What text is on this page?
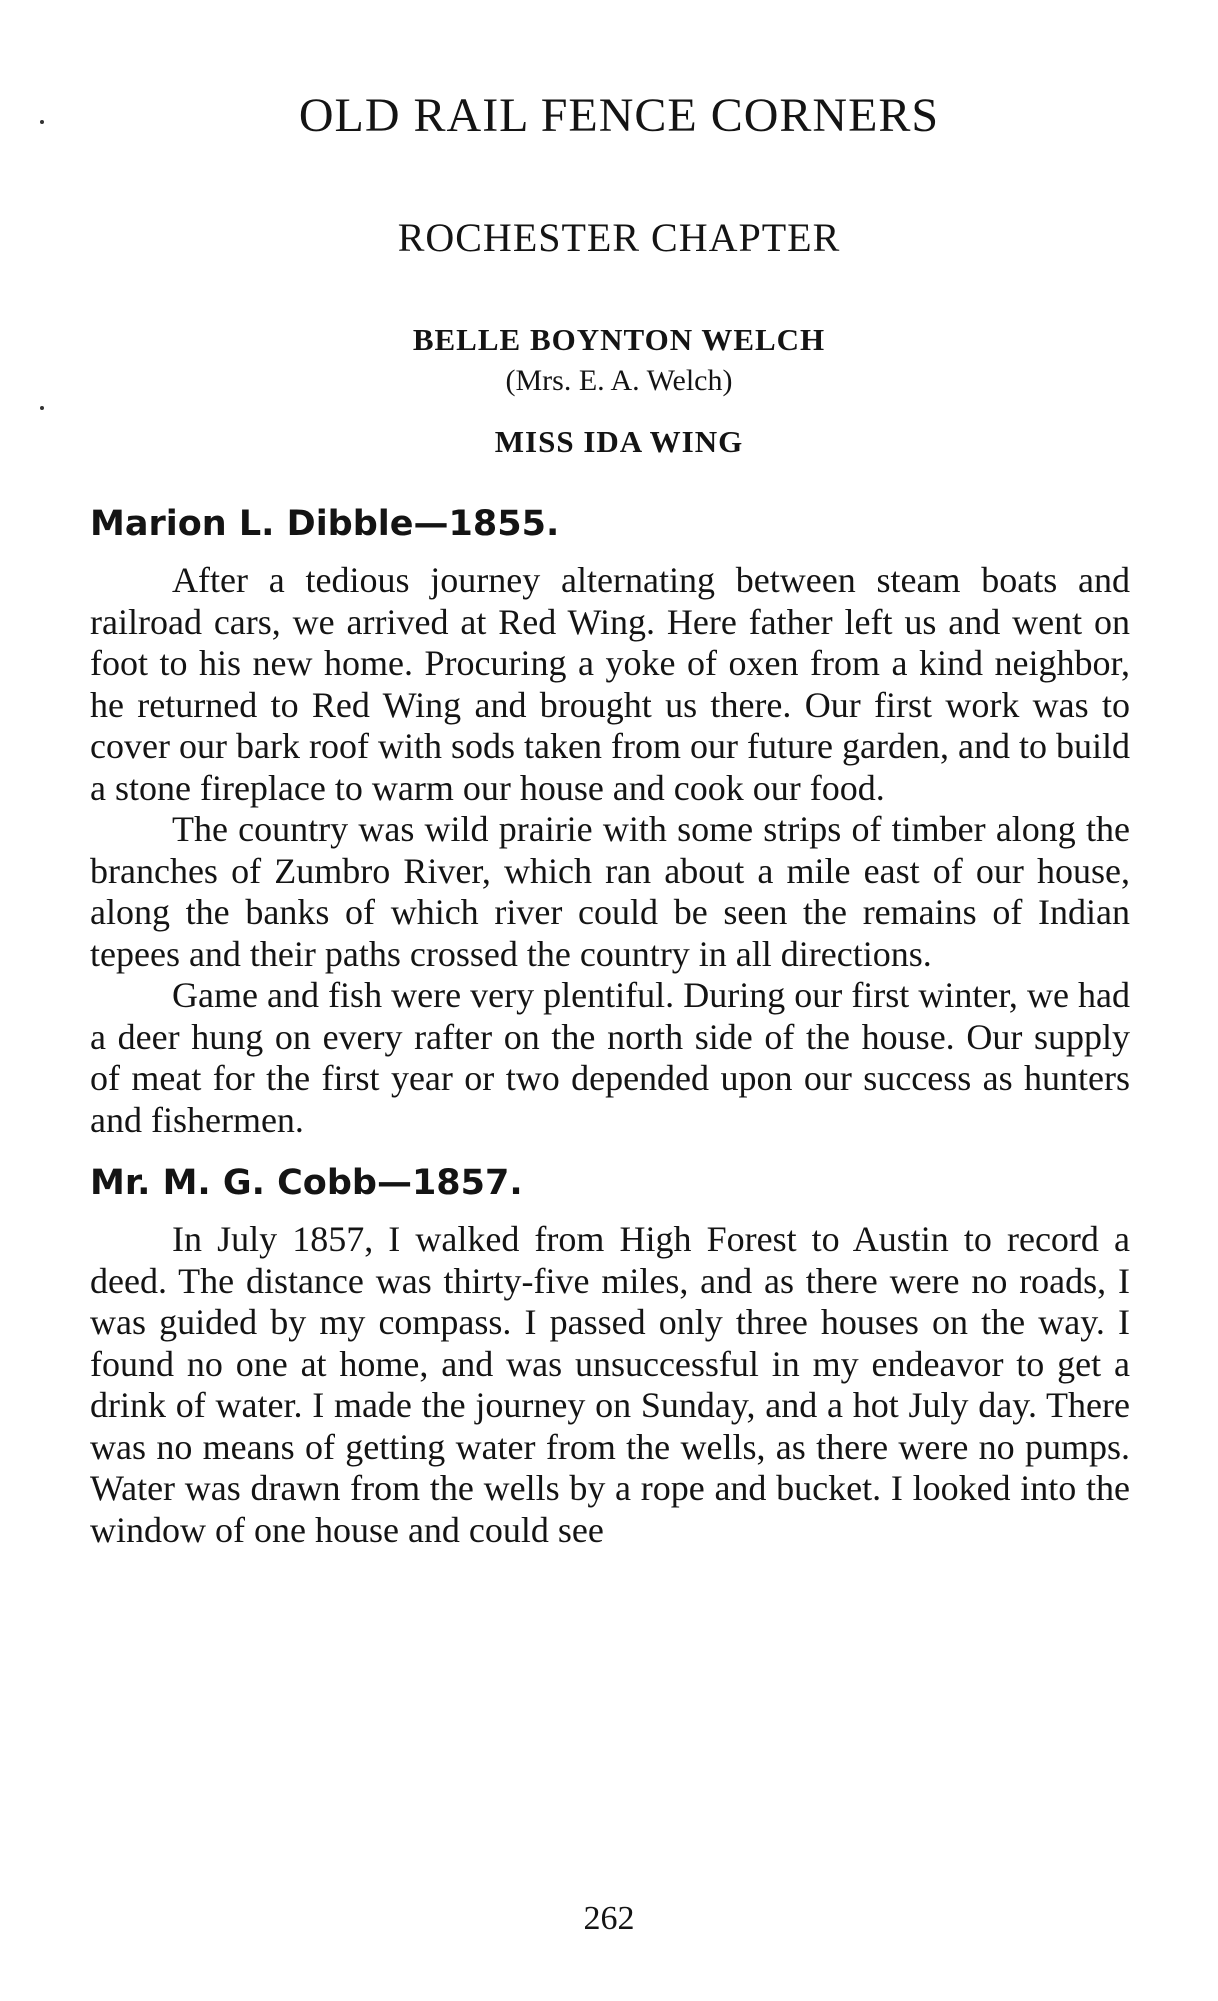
OLD RAIL FENCE CORNERS
ROCHESTER CHAPTER

BELLE BOYNTON WELCH

(Mrs. E. A. Welch)

MISS IDA WING

Marion L. Dibble—1855.

After a tedious journey alternating between steam boats and railroad cars, we arrived at Red Wing. Here father left us and went on foot to his new home. Procuring a yoke of oxen from a kind neighbor, he returned to Red Wing and brought us there. Our first work was to cover our bark roof with sods taken from our future garden, and to build a stone fireplace to warm our house and cook our food.

The country was wild prairie with some strips of timber along the branches of Zumbro River, which ran about a mile east of our house, along the banks of which river could be seen the remains of Indian tepees and their paths crossed the country in all directions.

Game and fish were very plentiful. During our first winter, we had a deer hung on every rafter on the north side of the house. Our supply of meat for the first year or two depended upon our success as hunters and fishermen.

Mr. M. G. Cobb—1857.

In July 1857, I walked from High Forest to Austin to record a deed. The distance was thirty-five miles, and as there were no roads, I was guided by my compass. I passed only three houses on the way. I found no one at home, and was unsuccessful in my endeavor to get a drink of water. I made the journey on Sunday, and a hot July day. There was no means of getting water from the wells, as there were no pumps. Water was drawn from the wells by a rope and bucket. I looked into the window of one house and could see

262
